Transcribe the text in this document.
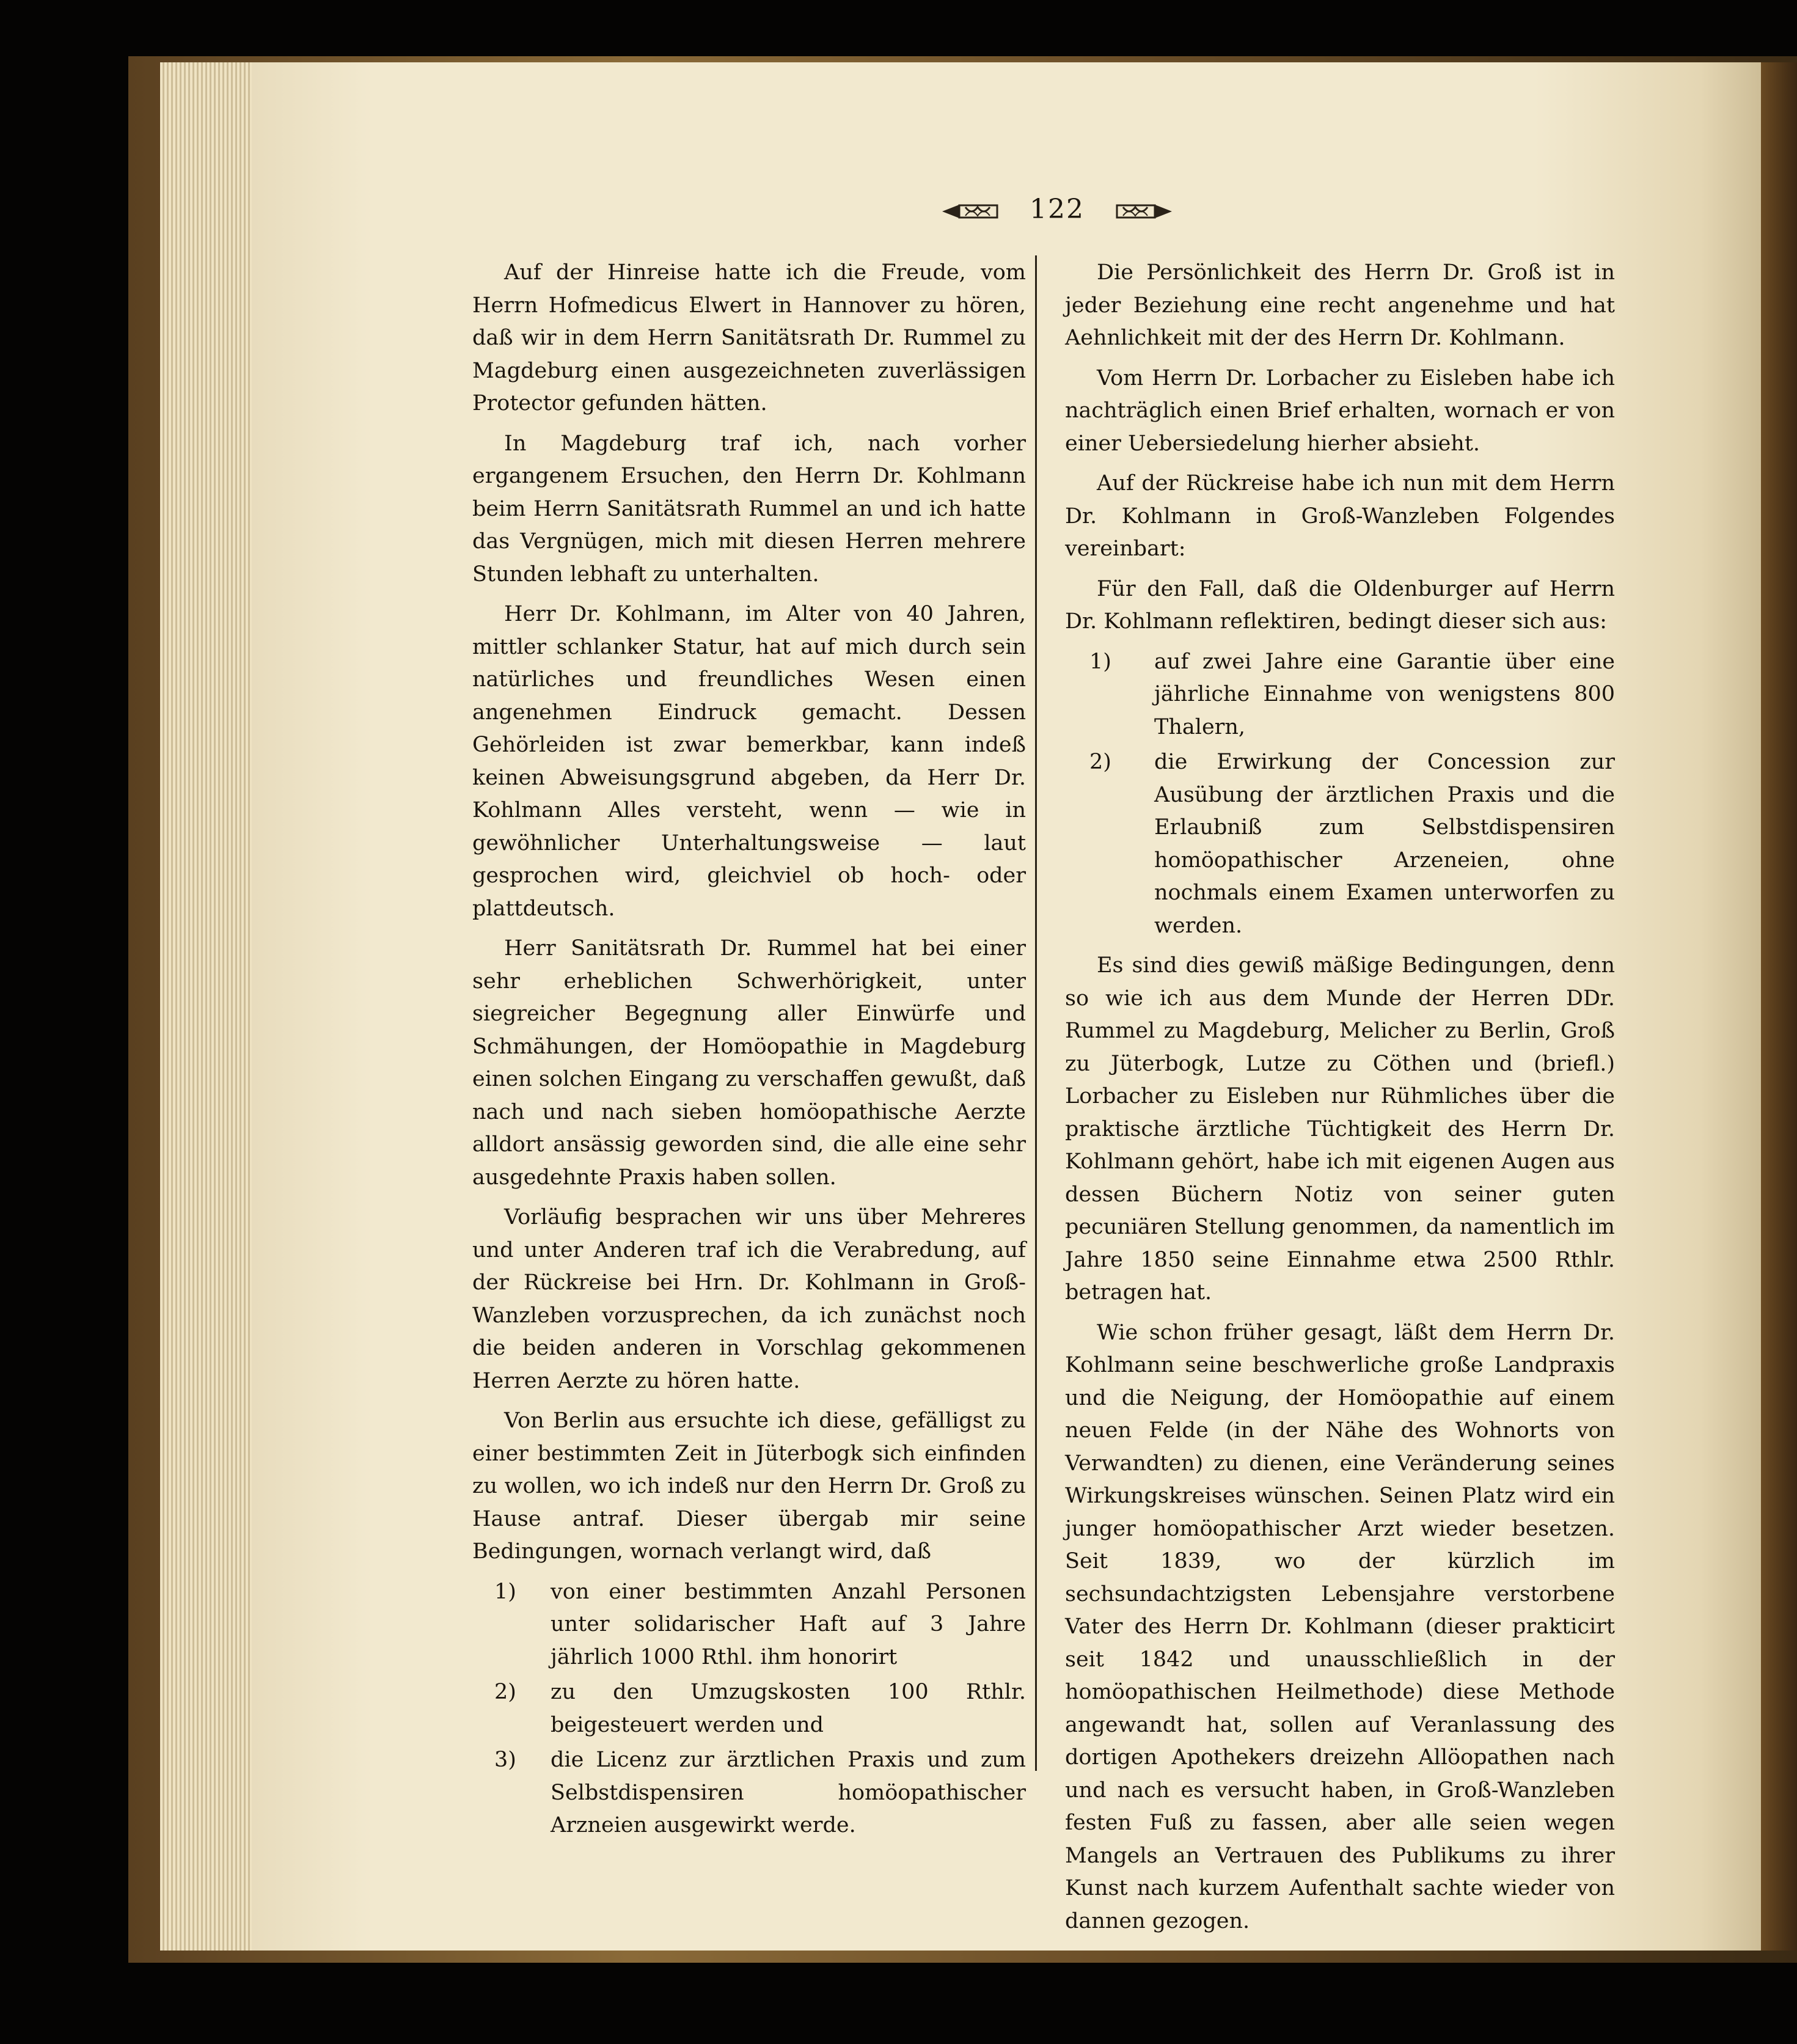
122

Auf der Hinreise hatte ich die Freude, vom Herrn Hofmedicus Elwert in Hannover zu hören, daß wir in dem Herrn Sanitätsrath Dr. Rummel zu Magdeburg einen ausgezeichneten zuverlässigen Protector gefunden hätten.

In Magdeburg traf ich, nach vorher ergangenem Ersuchen, den Herrn Dr. Kohlmann beim Herrn Sanitätsrath Rummel an und ich hatte das Vergnügen, mich mit diesen Herren mehrere Stunden lebhaft zu unterhalten.

Herr Dr. Kohlmann, im Alter von 40 Jahren, mittler schlanker Statur, hat auf mich durch sein natürliches und freundliches Wesen einen angenehmen Eindruck gemacht. Dessen Gehörleiden ist zwar bemerkbar, kann indeß keinen Abweisungsgrund abgeben, da Herr Dr. Kohlmann Alles versteht, wenn — wie in gewöhnlicher Unterhaltungsweise — laut gesprochen wird, gleichviel ob hoch- oder plattdeutsch.

Herr Sanitätsrath Dr. Rummel hat bei einer sehr erheblichen Schwerhörigkeit, unter siegreicher Begegnung aller Einwürfe und Schmähungen, der Homöopathie in Magdeburg einen solchen Eingang zu verschaffen gewußt, daß nach und nach sieben homöopathische Aerzte alldort ansässig geworden sind, die alle eine sehr ausgedehnte Praxis haben sollen.

Vorläufig besprachen wir uns über Mehreres und unter Anderen traf ich die Verabredung, auf der Rückreise bei Hrn. Dr. Kohlmann in Groß-Wanzleben vorzusprechen, da ich zunächst noch die beiden anderen in Vorschlag gekommenen Herren Aerzte zu hören hatte.

Von Berlin aus ersuchte ich diese, gefälligst zu einer bestimmten Zeit in Jüterbogk sich einfinden zu wollen, wo ich indeß nur den Herrn Dr. Groß zu Hause antraf. Dieser übergab mir seine Bedingungen, wornach verlangt wird, daß

1)	von einer bestimmten Anzahl Personen unter solidarischer Haft auf 3 Jahre jährlich 1000 Rthl. ihm honorirt
2)	zu den Umzugskosten 100 Rthlr. beigesteuert werden und
3)	die Licenz zur ärztlichen Praxis und zum Selbstdispensiren homöopathischer Arzneien ausgewirkt werde.

Die Persönlichkeit des Herrn Dr. Groß ist in jeder Beziehung eine recht angenehme und hat Aehnlichkeit mit der des Herrn Dr. Kohlmann.

Vom Herrn Dr. Lorbacher zu Eisleben habe ich nachträglich einen Brief erhalten, wornach er von einer Uebersiedelung hierher absieht.

Auf der Rückreise habe ich nun mit dem Herrn Dr. Kohlmann in Groß-Wanzleben Folgendes vereinbart:

Für den Fall, daß die Oldenburger auf Herrn Dr. Kohlmann reflektiren, bedingt dieser sich aus:

1)	auf zwei Jahre eine Garantie über eine jährliche Einnahme von wenigstens 800 Thalern,
2)	die Erwirkung der Concession zur Ausübung der ärztlichen Praxis und die Erlaubniß zum Selbstdispensiren homöopathischer Arzeneien, ohne nochmals einem Examen unterworfen zu werden.

Es sind dies gewiß mäßige Bedingungen, denn so wie ich aus dem Munde der Herren DDr. Rummel zu Magdeburg, Melicher zu Berlin, Groß zu Jüterbogk, Lutze zu Cöthen und (briefl.) Lorbacher zu Eisleben nur Rühmliches über die praktische ärztliche Tüchtigkeit des Herrn Dr. Kohlmann gehört, habe ich mit eigenen Augen aus dessen Büchern Notiz von seiner guten pecuniären Stellung genommen, da namentlich im Jahre 1850 seine Einnahme etwa 2500 Rthlr. betragen hat.

Wie schon früher gesagt, läßt dem Herrn Dr. Kohlmann seine beschwerliche große Landpraxis und die Neigung, der Homöopathie auf einem neuen Felde (in der Nähe des Wohnorts von Verwandten) zu dienen, eine Veränderung seines Wirkungskreises wünschen. Seinen Platz wird ein junger homöopathischer Arzt wieder besetzen. Seit 1839, wo der kürzlich im sechsundachtzigsten Lebensjahre verstorbene Vater des Herrn Dr. Kohlmann (dieser prakticirt seit 1842 und unausschließlich in der homöopathischen Heilmethode) diese Methode angewandt hat, sollen auf Veranlassung des dortigen Apothekers dreizehn Allöopathen nach und nach es versucht haben, in Groß-Wanzleben festen Fuß zu fassen, aber alle seien wegen Mangels an Vertrauen des Publikums zu ihrer Kunst nach kurzem Aufenthalt sachte wieder von dannen gezogen.
